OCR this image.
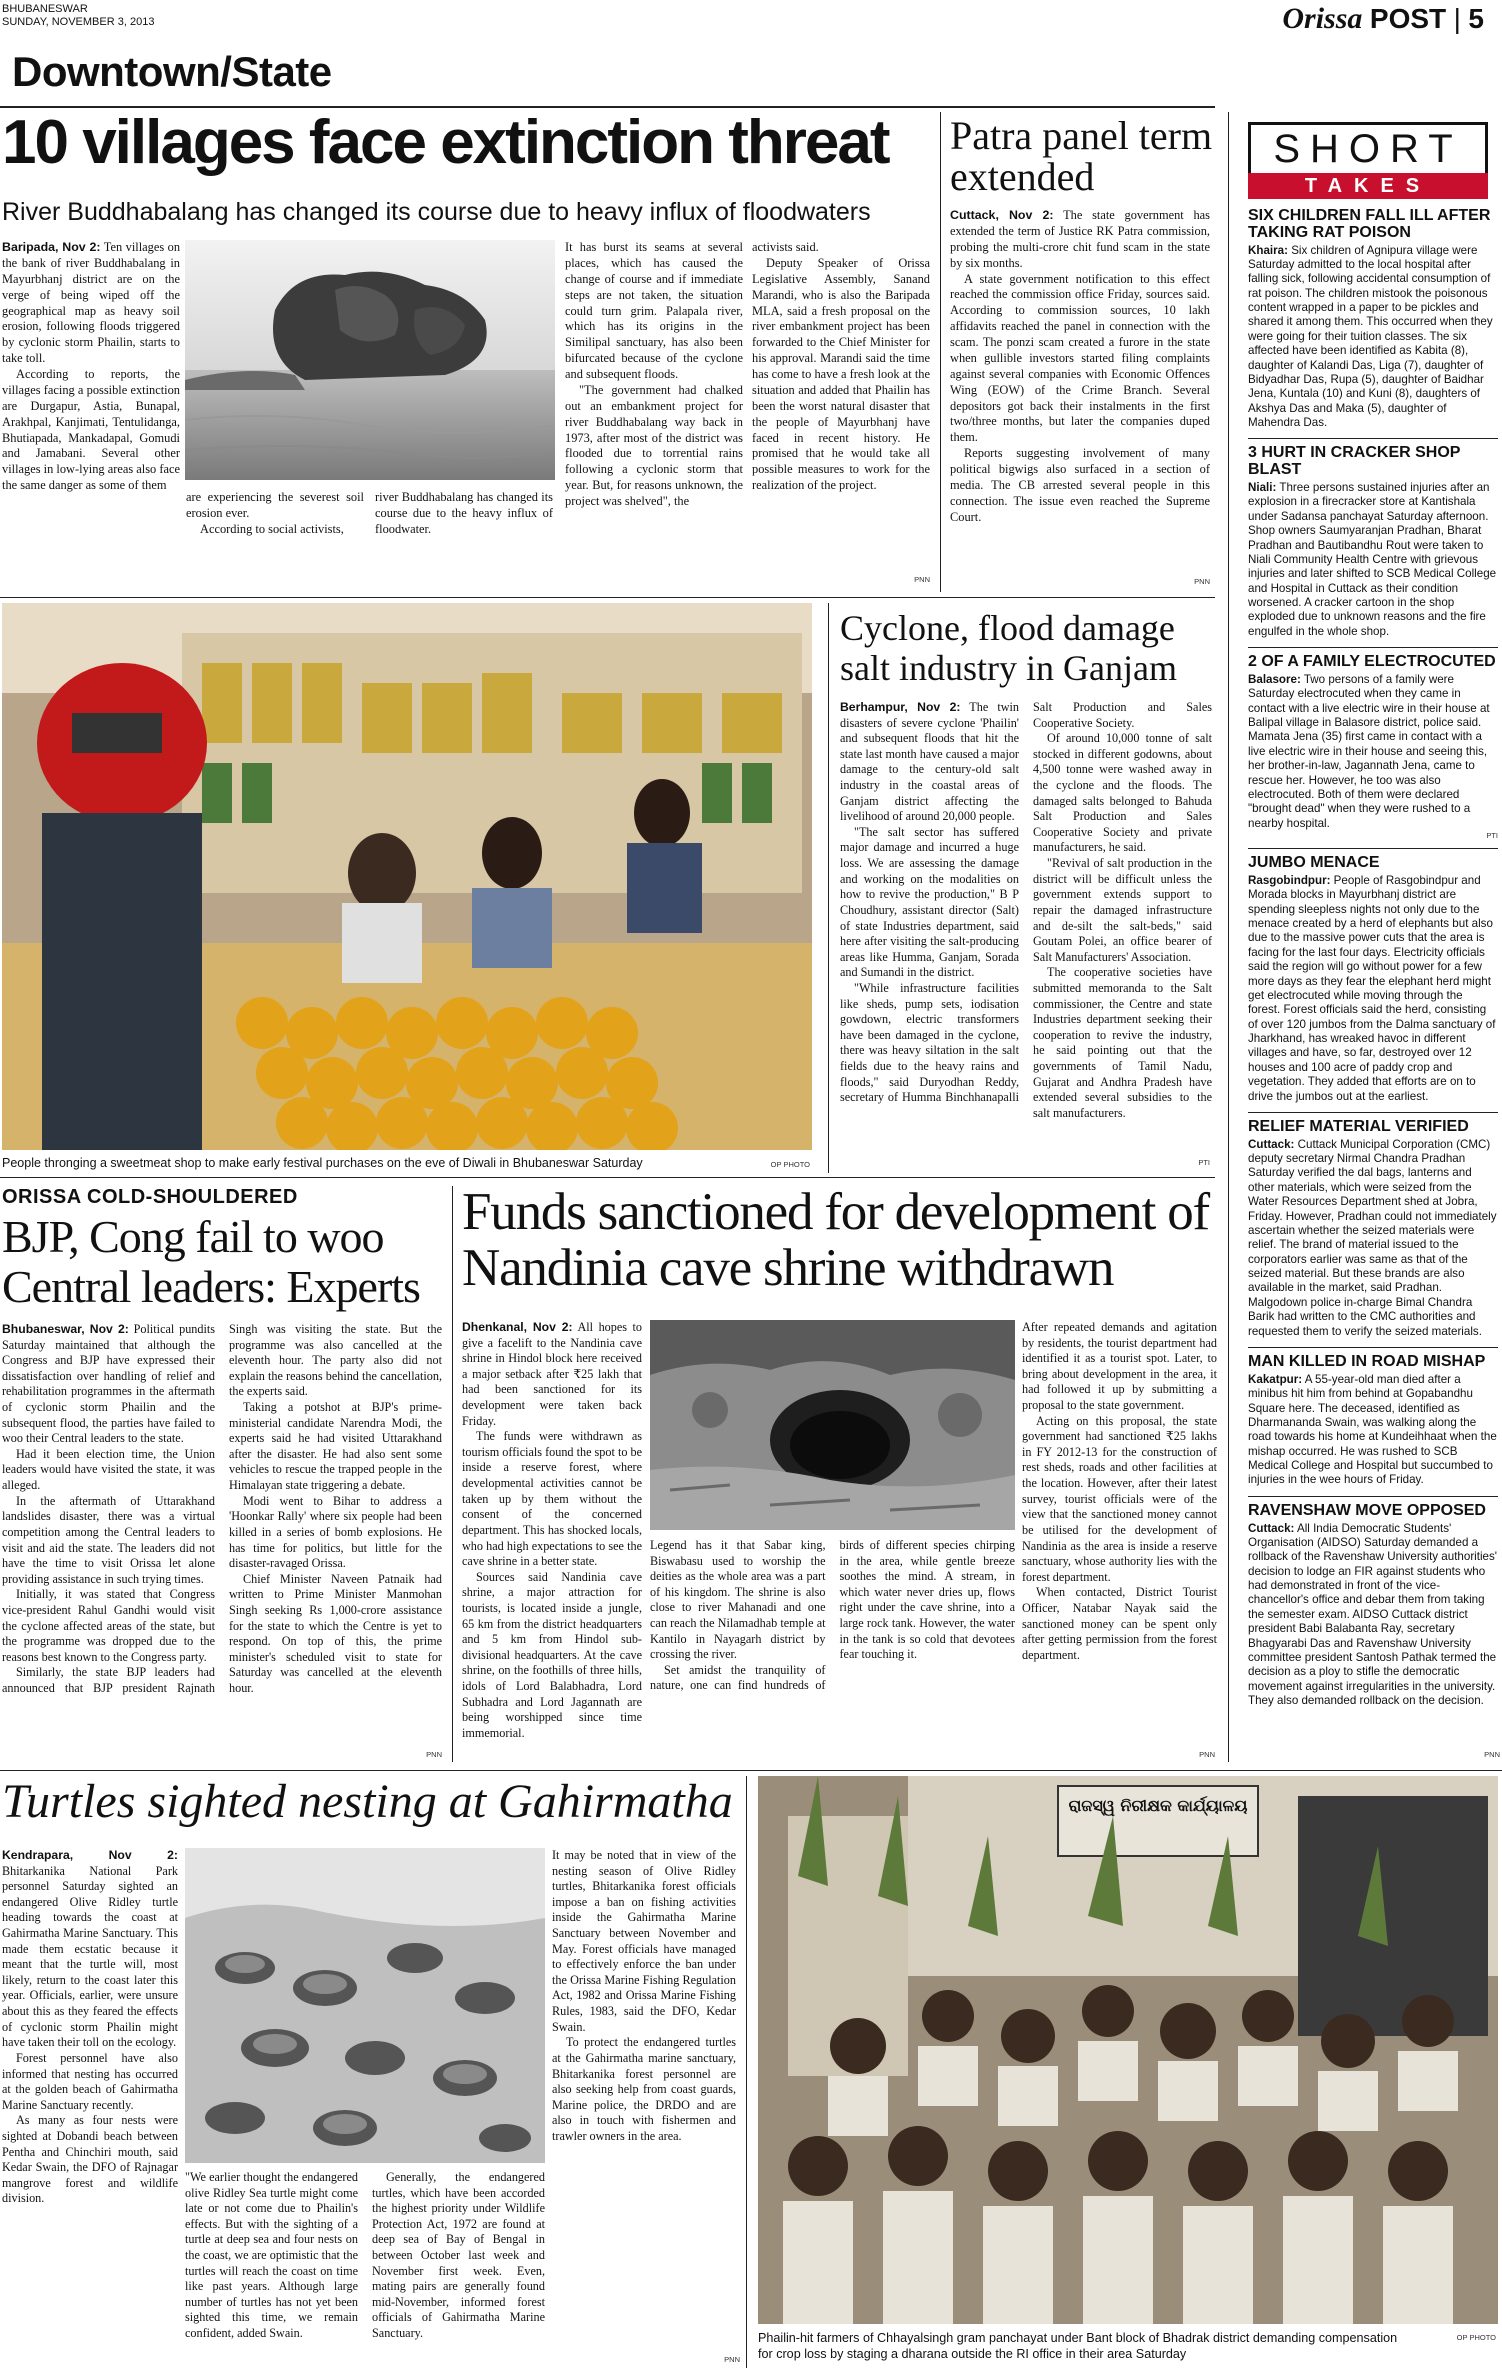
BHUBANESWAR
SUNDAY, NOVEMBER 3, 2013	Orissa POST | 5
Downtown/State
10 villages face extinction threat
River Buddhabalang has changed its course due to heavy influx of floodwaters

Baripada, Nov 2: Ten villages on the bank of river Buddhabalang in Mayurbhanj district are on the verge of being wiped off the geographical map as heavy soil erosion, following floods triggered by cyclonic storm Phailin, starts to take toll.

According to reports, the villages facing a possible extinction are Durgapur, Astia, Bunapal, Arakhpal, Kanjimati, Tentulidanga, Bhutiapada, Mankadapal, Gomudi and Jamabani. Several other villages in low-lying areas also face the same danger as some of them

are experiencing the severest soil erosion ever.

According to social activists,

river Buddhabalang has changed its course due to the heavy influx of floodwater.

It has burst its seams at several places, which has caused the change of course and if immediate steps are not taken, the situation could turn grim. Palapala river, which has its origins in the Similipal sanctuary, has also been bifurcated because of the cyclone and subsequent floods.

"The government had chalked out an embankment project for river Buddhabalang way back in 1973, after most of the district was flooded due to torrential rains following a cyclonic storm that year. But, for reasons unknown, the project was shelved", the

activists said.

Deputy Speaker of Orissa Legislative Assembly, Sanand Marandi, who is also the Baripada MLA, said a fresh proposal on the river embankment project has been forwarded to the Chief Minister for his approval. Marandi said the time has come to have a fresh look at the situation and added that Phailin has been the worst natural disaster that the people of Mayurbhanj have faced in recent history. He promised that he would take all possible measures to work for the realization of the project.

PNN
Patra panel term extended

Cuttack, Nov 2: The state government has extended the term of Justice RK Patra commission, probing the multi-crore chit fund scam in the state by six months.

A state government notification to this effect reached the commission office Friday, sources said. According to commission sources, 10 lakh affidavits reached the panel in connection with the scam. The ponzi scam created a furore in the state when gullible investors started filing complaints against several companies with Economic Offences Wing (EOW) of the Crime Branch. Several depositors got back their instalments in the first two/three months, but later the companies duped them.

Reports suggesting involvement of many political bigwigs also surfaced in a section of media. The CB arrested several people in this connection. The issue even reached the Supreme Court.

PNN
People thronging a sweetmeat shop to make early festival purchases on the eve of Diwali in Bhubaneswar Saturday	OP PHOTO
Cyclone, flood damage salt industry in Ganjam

Berhampur, Nov 2: The twin disasters of severe cyclone 'Phailin' and subsequent floods that hit the state last month have caused a major damage to the century-old salt industry in the coastal areas of Ganjam district affecting the livelihood of around 20,000 people.

"The salt sector has suffered major damage and incurred a huge loss. We are assessing the damage and working on the modalities on how to revive the production," B P Choudhury, assistant director (Salt) of state Industries department, said here after visiting the salt-producing areas like Humma, Ganjam, Sorada and Sumandi in the district.

"While infrastructure facilities like sheds, pump sets, iodisation gowdown, electric transformers have been damaged in the cyclone, there was heavy siltation in the salt fields due to the heavy rains and floods," said Duryodhan Reddy, secretary of Humma Binchhanapalli Salt Production and Sales Cooperative Society.

Of around 10,000 tonne of salt stocked in different godowns, about 4,500 tonne were washed away in the cyclone and the floods. The damaged salts belonged to Bahuda Salt Production and Sales Cooperative Society and private manufacturers, he said.

"Revival of salt production in the district will be difficult unless the government extends support to repair the damaged infrastructure and de-silt the salt-beds," said Goutam Polei, an office bearer of Salt Manufacturers' Association.

The cooperative societies have submitted memoranda to the Salt commissioner, the Centre and state Industries department seeking their cooperation to revive the industry, he said pointing out that the governments of Tamil Nadu, Gujarat and Andhra Pradesh have extended several subsidies to the salt manufacturers.

PTI
SHORT
TAKES
SIX CHILDREN FALL ILL AFTER TAKING RAT POISON
Khaira: Six children of Agnipura village were Saturday admitted to the local hospital after falling sick, following accidental consumption of rat poison. The children mistook the poisonous content wrapped in a paper to be pickles and shared it among them. This occurred when they were going for their tuition classes. The six affected have been identified as Kabita (8), daughter of Kalandi Das, Liga (7), daughter of Bidyadhar Das, Rupa (5), daughter of Baidhar Jena, Kuntala (10) and Kuni (8), daughters of Akshya Das and Maka (5), daughter of Mahendra Das.
3 HURT IN CRACKER SHOP BLAST
Niali: Three persons sustained injuries after an explosion in a firecracker store at Kantishala under Sadansa panchayat Saturday afternoon. Shop owners Saumyaranjan Pradhan, Bharat Pradhan and Bautibandhu Rout were taken to Niali Community Health Centre with grievous injuries and later shifted to SCB Medical College and Hospital in Cuttack as their condition worsened. A cracker cartoon in the shop exploded due to unknown reasons and the fire engulfed in the whole shop.
2 OF A FAMILY ELECTROCUTED
Balasore: Two persons of a family were Saturday electrocuted when they came in contact with a live electric wire in their house at Balipal village in Balasore district, police said. Mamata Jena (35) first came in contact with a live electric wire in their house and seeing this, her brother-in-law, Jagannath Jena, came to rescue her. However, he too was also electrocuted. Both of them were declared "brought dead" when they were rushed to a nearby hospital.
PTI
JUMBO MENACE
Rasgobindpur: People of Rasgobindpur and Morada blocks in Mayurbhanj district are spending sleepless nights not only due to the menace created by a herd of elephants but also due to the massive power cuts that the area is facing for the last four days. Electricity officials said the region will go without power for a few more days as they fear the elephant herd might get electrocuted while moving through the forest. Forest officials said the herd, consisting of over 120 jumbos from the Dalma sanctuary of Jharkhand, has wreaked havoc in different villages and have, so far, destroyed over 12 houses and 100 acre of paddy crop and vegetation. They added that efforts are on to drive the jumbos out at the earliest.
RELIEF MATERIAL VERIFIED
Cuttack: Cuttack Municipal Corporation (CMC) deputy secretary Nirmal Chandra Pradhan Saturday verified the dal bags, lanterns and other materials, which were seized from the Water Resources Department shed at Jobra, Friday. However, Pradhan could not immediately ascertain whether the seized materials were relief. The brand of material issued to the corporators earlier was same as that of the seized material. But these brands are also available in the market, said Pradhan. Malgodown police in-charge Bimal Chandra Barik had written to the CMC authorities and requested them to verify the seized materials.
MAN KILLED IN ROAD MISHAP
Kakatpur: A 55-year-old man died after a minibus hit him from behind at Gopabandhu Square here. The deceased, identified as Dharmananda Swain, was walking along the road towards his home at Kundeihhaat when the mishap occurred. He was rushed to SCB Medical College and Hospital but succumbed to injuries in the wee hours of Friday.
RAVENSHAW MOVE OPPOSED
Cuttack: All India Democratic Students' Organisation (AIDSO) Saturday demanded a rollback of the Ravenshaw University authorities' decision to lodge an FIR against students who had demonstrated in front of the vice-chancellor's office and debar them from taking the semester exam. AIDSO Cuttack district president Babi Balabanta Ray, secretary Bhagyarabi Das and Ravenshaw University committee president Santosh Pathak termed the decision as a ploy to stifle the democratic movement against irregularities in the university. They also demanded rollback on the decision.
PNN
ORISSA COLD-SHOULDERED
BJP, Cong fail to woo Central leaders: Experts

Bhubaneswar, Nov 2: Political pundits Saturday maintained that although the Congress and BJP have expressed their dissatisfaction over handling of relief and rehabilitation programmes in the aftermath of cyclonic storm Phailin and the subsequent flood, the parties have failed to woo their Central leaders to the state.

Had it been election time, the Union leaders would have visited the state, it was alleged.

In the aftermath of Uttarakhand landslides disaster, there was a virtual competition among the Central leaders to visit and aid the state. The leaders did not have the time to visit Orissa let alone providing assistance in such trying times.

Initially, it was stated that Congress vice-president Rahul Gandhi would visit the cyclone affected areas of the state, but the programme was dropped due to the reasons best known to the Congress party.

Similarly, the state BJP leaders had announced that BJP president Rajnath Singh was visiting the state. But the programme was also cancelled at the eleventh hour. The party also did not explain the reasons behind the cancellation, the experts said.

Taking a potshot at BJP's prime-ministerial candidate Narendra Modi, the experts said he had visited Uttarakhand after the disaster. He had also sent some vehicles to rescue the trapped people in the Himalayan state triggering a debate.

Modi went to Bihar to address a 'Hoonkar Rally' where six people had been killed in a series of bomb explosions. He has time for politics, but little for the disaster-ravaged Orissa.

Chief Minister Naveen Patnaik had written to Prime Minister Manmohan Singh seeking Rs 1,000-crore assistance for the state to which the Centre is yet to respond. On top of this, the prime minister's scheduled visit to state for Saturday was cancelled at the eleventh hour.

PNN
Funds sanctioned for development of Nandinia cave shrine withdrawn

Dhenkanal, Nov 2: All hopes to give a facelift to the Nandinia cave shrine in Hindol block here received a major setback after ₹25 lakh that had been sanctioned for its development were taken back Friday.

The funds were withdrawn as tourism officials found the spot to be inside a reserve forest, where developmental activities cannot be taken up by them without the consent of the concerned department. This has shocked locals, who had high expectations to see the cave shrine in a better state.

Sources said Nandinia cave shrine, a major attraction for tourists, is located inside a jungle, 65 km from the district headquarters and 5 km from Hindol sub-divisional headquarters. At the cave shrine, on the foothills of three hills, idols of Lord Balabhadra, Lord Subhadra and Lord Jagannath are being worshipped since time immemorial.

Legend has it that Sabar king, Biswabasu used to worship the deities as the whole area was a part of his kingdom. The shrine is also close to river Mahanadi and one can reach the Nilamadhab temple at Kantilo in Nayagarh district by crossing the river.

Set amidst the tranquility of nature, one can find hundreds of birds of different species chirping in the area, while gentle breeze soothes the mind. A stream, in which water never dries up, flows right under the cave shrine, into a large rock tank. However, the water in the tank is so cold that devotees fear touching it.

After repeated demands and agitation by residents, the tourist department had identified it as a tourist spot. Later, to bring about development in the area, it had followed it up by submitting a proposal to the state government.

Acting on this proposal, the state government had sanctioned ₹25 lakhs in FY 2012-13 for the construction of rest sheds, roads and other facilities at the location. However, after their latest survey, tourist officials were of the view that the sanctioned money cannot be utilised for the development of Nandinia as the area is inside a reserve sanctuary, whose authority lies with the forest department.

When contacted, District Tourist Officer, Natabar Nayak said the sanctioned money can be spent only after getting permission from the forest department.

PNN
Turtles sighted nesting at Gahirmatha

Kendrapara, Nov 2: Bhitarkanika National Park personnel Saturday sighted an endangered Olive Ridley turtle heading towards the coast at Gahirmatha Marine Sanctuary. This made them ecstatic because it meant that the turtle will, most likely, return to the coast later this year. Officials, earlier, were unsure about this as they feared the effects of cyclonic storm Phailin might have taken their toll on the ecology.

Forest personnel have also informed that nesting has occurred at the golden beach of Gahirmatha Marine Sanctuary recently.

As many as four nests were sighted at Dobandi beach between Pentha and Chinchiri mouth, said Kedar Swain, the DFO of Rajnagar mangrove forest and wildlife division.

"We earlier thought the endangered olive Ridley Sea turtle might come late or not come due to Phailin's effects. But with the sighting of a turtle at deep sea and four nests on the coast, we are optimistic that the turtles will reach the coast on time like past years. Although large number of turtles has not yet been sighted this time, we remain confident, added Swain.

Generally, the endangered turtles, which have been accorded the highest priority under Wildlife Protection Act, 1972 are found at deep sea of Bay of Bengal in between October last week and November first week. Even, mating pairs are generally found mid-November, informed forest officials of Gahirmatha Marine Sanctuary.

It may be noted that in view of the nesting season of Olive Ridley turtles, Bhitarkanika forest officials impose a ban on fishing activities inside the Gahirmatha Marine Sanctuary between November and May. Forest officials have managed to effectively enforce the ban under the Orissa Marine Fishing Regulation Act, 1982 and Orissa Marine Fishing Rules, 1983, said the DFO, Kedar Swain.

To protect the endangered turtles at the Gahirmatha marine sanctuary, Bhitarkanika forest personnel are also seeking help from coast guards, Marine police, the DRDO and are also in touch with fishermen and trawler owners in the area.

PNN
ରାଜସ୍ୱ ନିରୀକ୍ଷକ କାର୍ଯ୍ୟାଳୟ
Phailin-hit farmers of Chhayalsingh gram panchayat under Bant block of Bhadrak district demanding compensation for crop loss by staging a dharana outside the RI office in their area Saturday
OP PHOTO
